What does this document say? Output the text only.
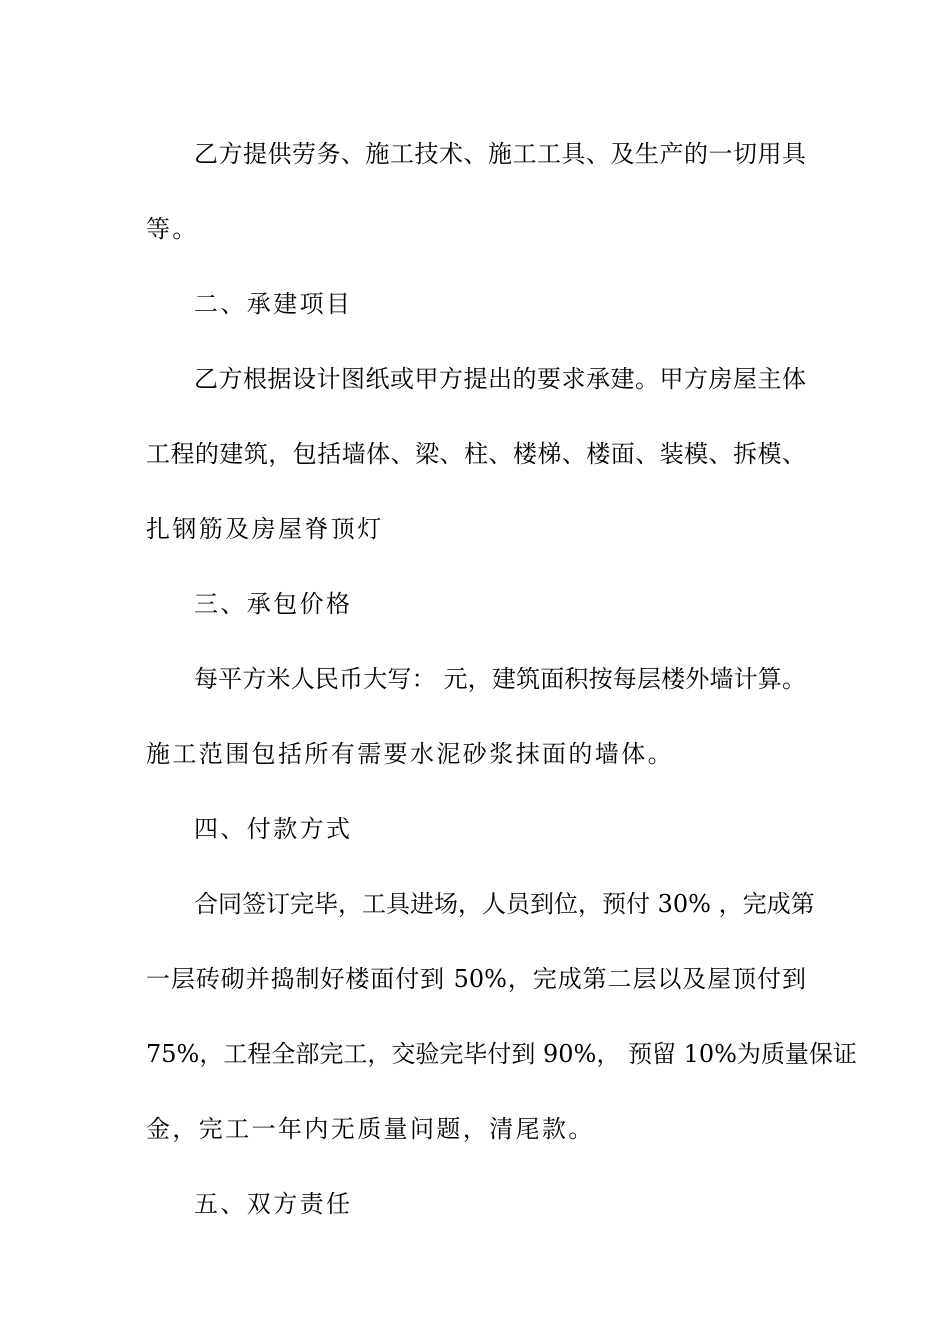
乙方提供劳务、施工技术、施工工具、及生产的一切用具
等。
二、承建项目
乙方根据设计图纸或甲方提出的要求承建。甲方房屋主体
工程的建筑，包括墙体、梁、柱、楼梯、楼面、装模、拆模、
扎钢筋及房屋脊顶灯
三、承包价格
每平方米人民币大写： 元，建筑面积按每层楼外墙计算。
施工范围包括所有需要水泥砂浆抹面的墙体。
四、付款方式
合同签订完毕，工具进场，人员到位，预付 30% ，完成第
一层砖砌并捣制好楼面付到 50%，完成第二层以及屋顶付到
75%，工程全部完工，交验完毕付到 90%， 预留 10%为质量保证
金，完工一年内无质量问题，清尾款。
五、双方责任
